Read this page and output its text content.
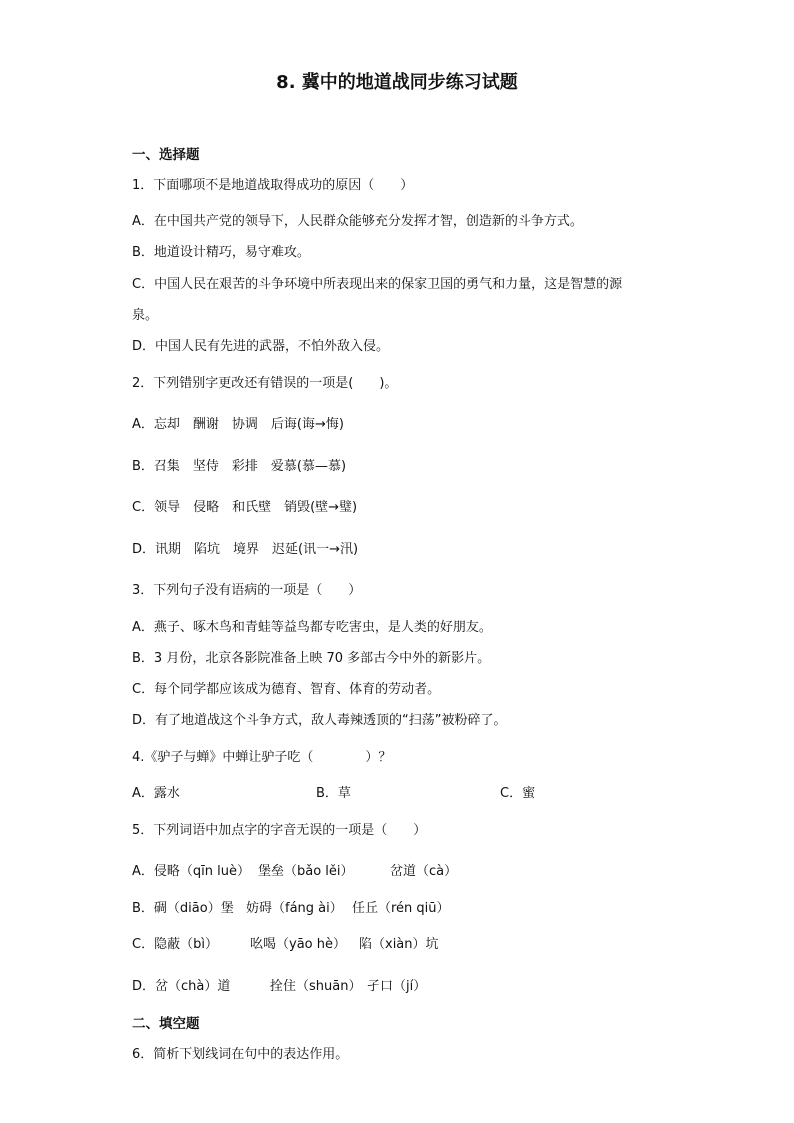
8. 冀中的地道战同步练习试题
一、选择题
1．下面哪项不是地道战取得成功的原因（　　）
A．在中国共产党的领导下，人民群众能够充分发挥才智，创造新的斗争方式。
B．地道设计精巧，易守难攻。
C．中国人民在艰苦的斗争环境中所表现出来的保家卫国的勇气和力量，这是智慧的源
泉。
D．中国人民有先进的武器，不怕外敌入侵。
2．下列错别字更改还有错误的一项是(　　)。
A．忘却　酬谢　协调　后诲(诲→悔)
B．召集　坚侍　彩排　爱慕(慕—慕)
C．领导　侵略　和氏壁　销毁(壁→璧)
D．讯期　陷坑　境界　迟延(讯一→汛)
3．下列句子没有语病的一项是（　　）
A．燕子、啄木鸟和青蛙等益鸟都专吃害虫，是人类的好朋友。
B．3 月份，北京各影院准备上映 70 多部古今中外的新影片。
C．每个同学都应该成为德育、智育、体育的劳动者。
D．有了地道战这个斗争方式，敌人毒辣透顶的“扫荡”被粉碎了。
4.《驴子与蝉》中蝉让驴子吃（　　　　）？
A．露水	B．草	C．蜜
5．下列词语中加点字的字音无误的一项是（　　）
A．侵略（qīn luè） 堡垒（bǎo lěi）	岔道（cà）
B．碉（diāo）堡 妨碍（fáng ài） 任丘（rén qiū）
C．隐蔽（bì） 吆喝（yāo hè） 陷（xiàn）坑
D．岔（chà）道	拴住（shuān） 孑口（jí）
二、填空题
6．简析下划线词在句中的表达作用。
